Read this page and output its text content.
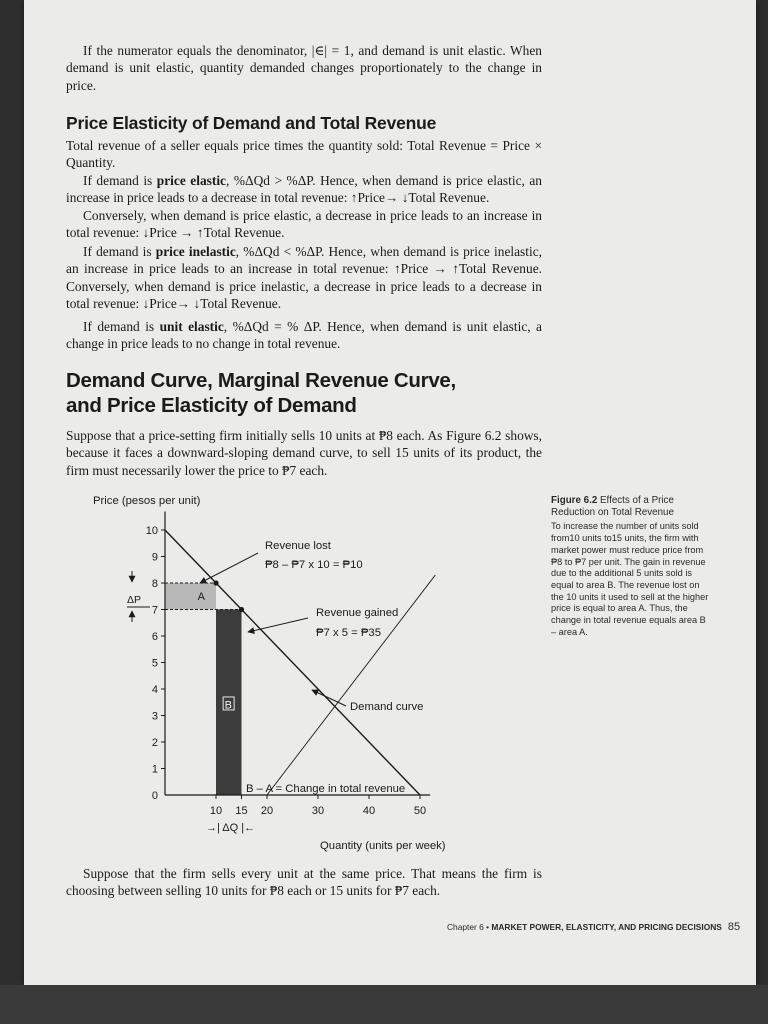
If the numerator equals the denominator, |∈| = 1, and demand is unit elastic. When demand is unit elastic, quantity demanded changes proportionately to the change in price.

Price Elasticity of Demand and Total Revenue

Total revenue of a seller equals price times the quantity sold: Total Revenue = Price × Quantity.

If demand is price elastic, %ΔQd > %ΔP. Hence, when demand is price elastic, an increase in price leads to a decrease in total revenue: ↑Price→ ↓Total Revenue.

Conversely, when demand is price elastic, a decrease in price leads to an increase in total revenue: ↓Price → ↑Total Revenue.

If demand is price inelastic, %ΔQd < %ΔP. Hence, when demand is price inelastic, an increase in price leads to an increase in total revenue: ↑Price → ↑Total Revenue. Conversely, when demand is price inelastic, a decrease in price leads to a decrease in total revenue: ↓Price→ ↓Total Revenue.

If demand is unit elastic, %ΔQd = % ΔP. Hence, when demand is unit elastic, a change in price leads to no change in total revenue.

Demand Curve, Marginal Revenue Curve,
and Price Elasticity of Demand

Suppose that a price-setting firm initially sells 10 units at ₱8 each. As Figure 6.2 shows, because it faces a downward-sloping demand curve, to sell 15 units of its product, the firm must necessarily lower the price to ₱7 each.

A
B
0
1
2
3
4
5
6
7
8
9
10
10 15 20	30	40	50
Price (pesos per unit)
Quantity (units per week)
ΔP
→| ΔQ |←
Revenue lost
₱8 – ₱7 x 10 = ₱10
Revenue gained
₱7 x 5 = ₱35
Demand curve
B – A = Change in total revenue

Figure 6.2 Effects of a Price Reduction on Total Revenue

To increase the number of units sold from10 units to15 units, the firm with market power must reduce price from ₱8 to ₱7 per unit. The gain in revenue due to the additional 5 units sold is equal to area B. The revenue lost on the 10 units it used to sell at the higher price is equal to area A. Thus, the change in total revenue equals area B – area A.

Suppose that the firm sells every unit at the same price. That means the firm is choosing between selling 10 units for ₱8 each or 15 units for ₱7 each.

Chapter 6 • MARKET POWER, ELASTICITY, AND PRICING DECISIONS 85
